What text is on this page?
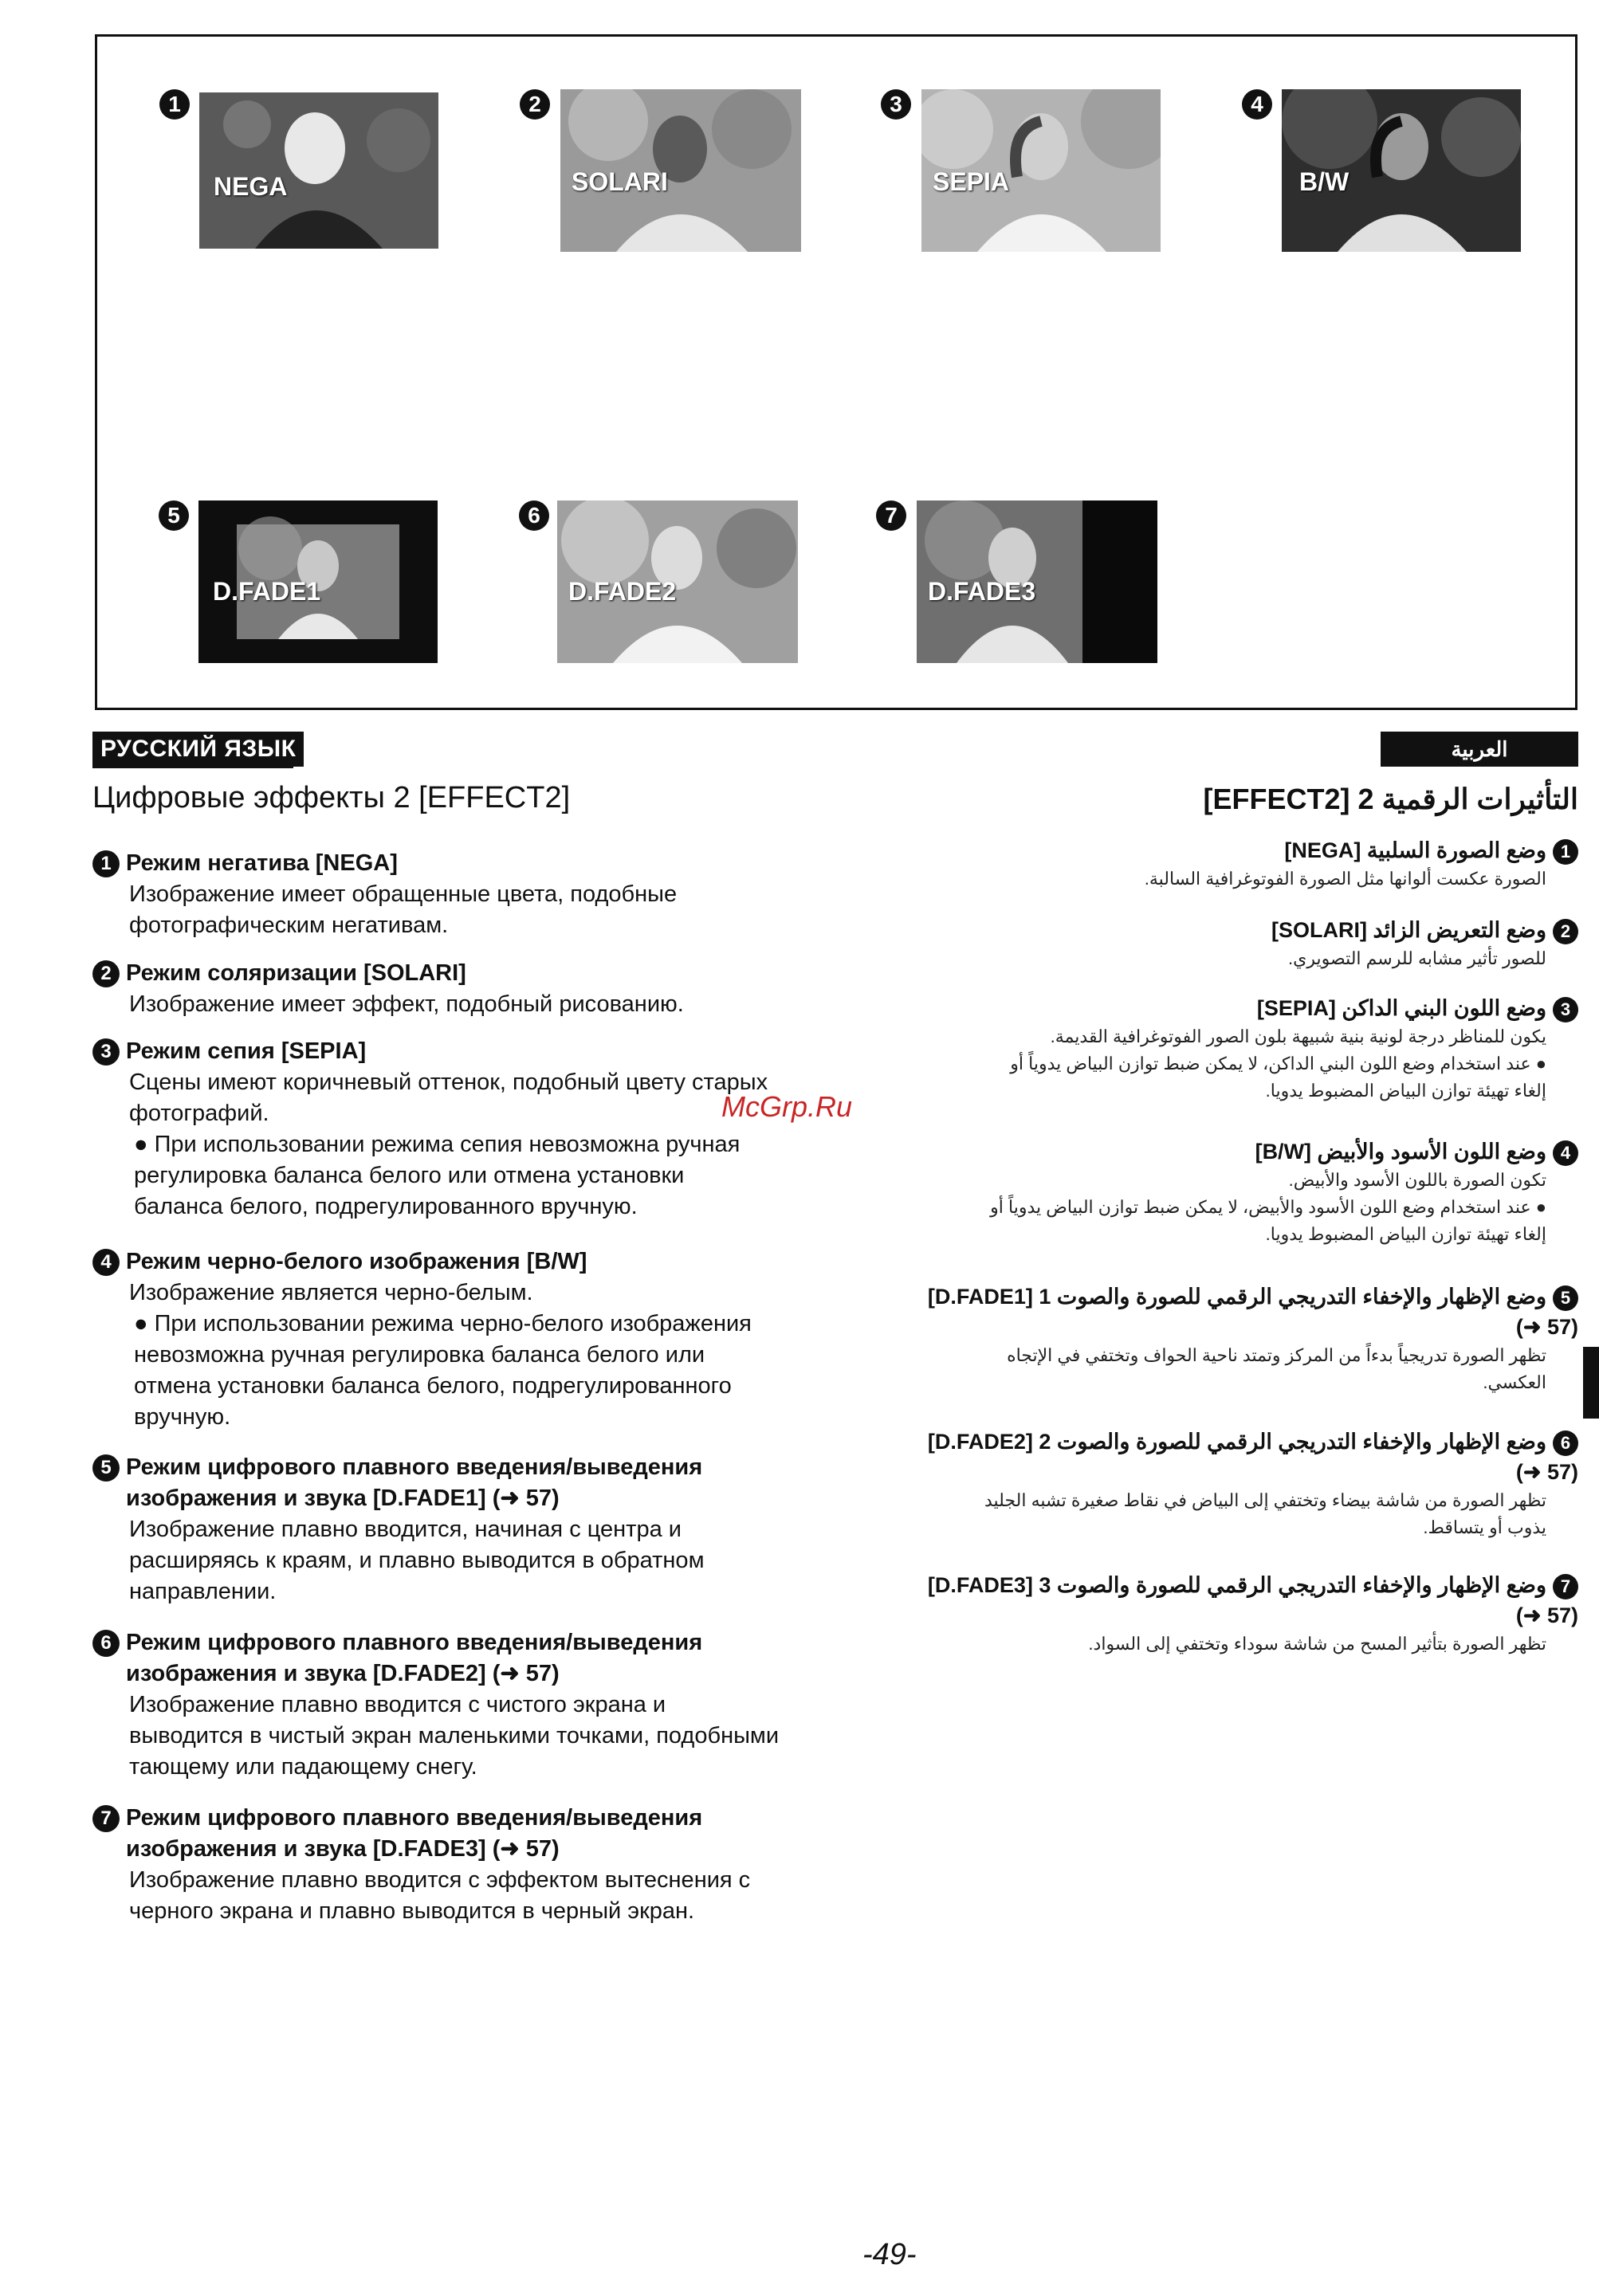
1
NEGA
2
SOLARI
3
SEPIA
4
B/W
5
D.FADE1
6
D.FADE2
7
D.FADE3
РУССКИЙ ЯЗЫК	العربية
Цифровые эффекты 2 [EFFECT2]
1 Режим негатива [NEGA]
Изображение имеет обращенные цвета, подобные
фотографическим негативам.
2 Режим соляризации [SOLARI]
Изображение имеет эффект, подобный рисованию.
3 Режим сепия [SEPIA]
Сцены имеют коричневый оттенок, подобный цвету старых
фотографий.
● При использовании режима сепия невозможна ручная
регулировка баланса белого или отмена установки
баланса белого, подрегулированного вручную.
4 Режим черно-белого изображения [B/W]
Изображение является черно-белым.
● При использовании режима черно-белого изображения
невозможна ручная регулировка баланса белого или
отмена установки баланса белого, подрегулированного
вручную.
5 Режим цифрового плавного введения/выведения
изображения и звука [D.FADE1] (➜ 57)
Изображение плавно вводится, начиная с центра и
расширяясь к краям, и плавно выводится в обратном
направлении.
6 Режим цифрового плавного введения/выведения
изображения и звука [D.FADE2] (➜ 57)
Изображение плавно вводится с чистого экрана и
выводится в чистый экран маленькими точками, подобными
тающему или падающему снегу.
7 Режим цифрового плавного введения/выведения
изображения и звука [D.FADE3] (➜ 57)
Изображение плавно вводится с эффектом вытеснения с
черного экрана и плавно выводится в черный экран.
التأثيرات الرقمية 2 [EFFECT2]
1وضع الصورة السلبية [NEGA]
الصورة عكست ألوانها مثل الصورة الفوتوغرافية السالبة.
2وضع التعريض الزائد [SOLARI]
للصور تأثير مشابه للرسم التصويري.
3وضع اللون البني الداكن [SEPIA]
يكون للمناظر درجة لونية بنية شبيهة بلون الصور الفوتوغرافية القديمة.
● عند استخدام وضع اللون البني الداكن، لا يمكن ضبط توازن البياض يدوياً أو
إلغاء تهيئة توازن البياض المضبوط يدويا.
4وضع اللون الأسود والأبيض [B/W]
تكون الصورة باللون الأسود والأبيض.
● عند استخدام وضع اللون الأسود والأبيض، لا يمكن ضبط توازن البياض يدوياً أو
إلغاء تهيئة توازن البياض المضبوط يدويا.
5وضع الإظهار والإخفاء التدريجي الرقمي للصورة والصوت 1 [D.FADE1]
(➜ 57)
تظهر الصورة تدريجياً بدءاً من المركز وتمتد ناحية الحواف وتختفي في الإتجاه
العكسي.
6وضع الإظهار والإخفاء التدريجي الرقمي للصورة والصوت 2 [D.FADE2]
(➜ 57)
تظهر الصورة من شاشة بيضاء وتختفي إلى البياض في نقاط صغيرة تشبه الجليد
يذوب أو يتساقط.
7وضع الإظهار والإخفاء التدريجي الرقمي للصورة والصوت 3 [D.FADE3]
(➜ 57)
تظهر الصورة بتأثير المسح من شاشة سوداء وتختفي إلى السواد.
McGrp.Ru
-49-
